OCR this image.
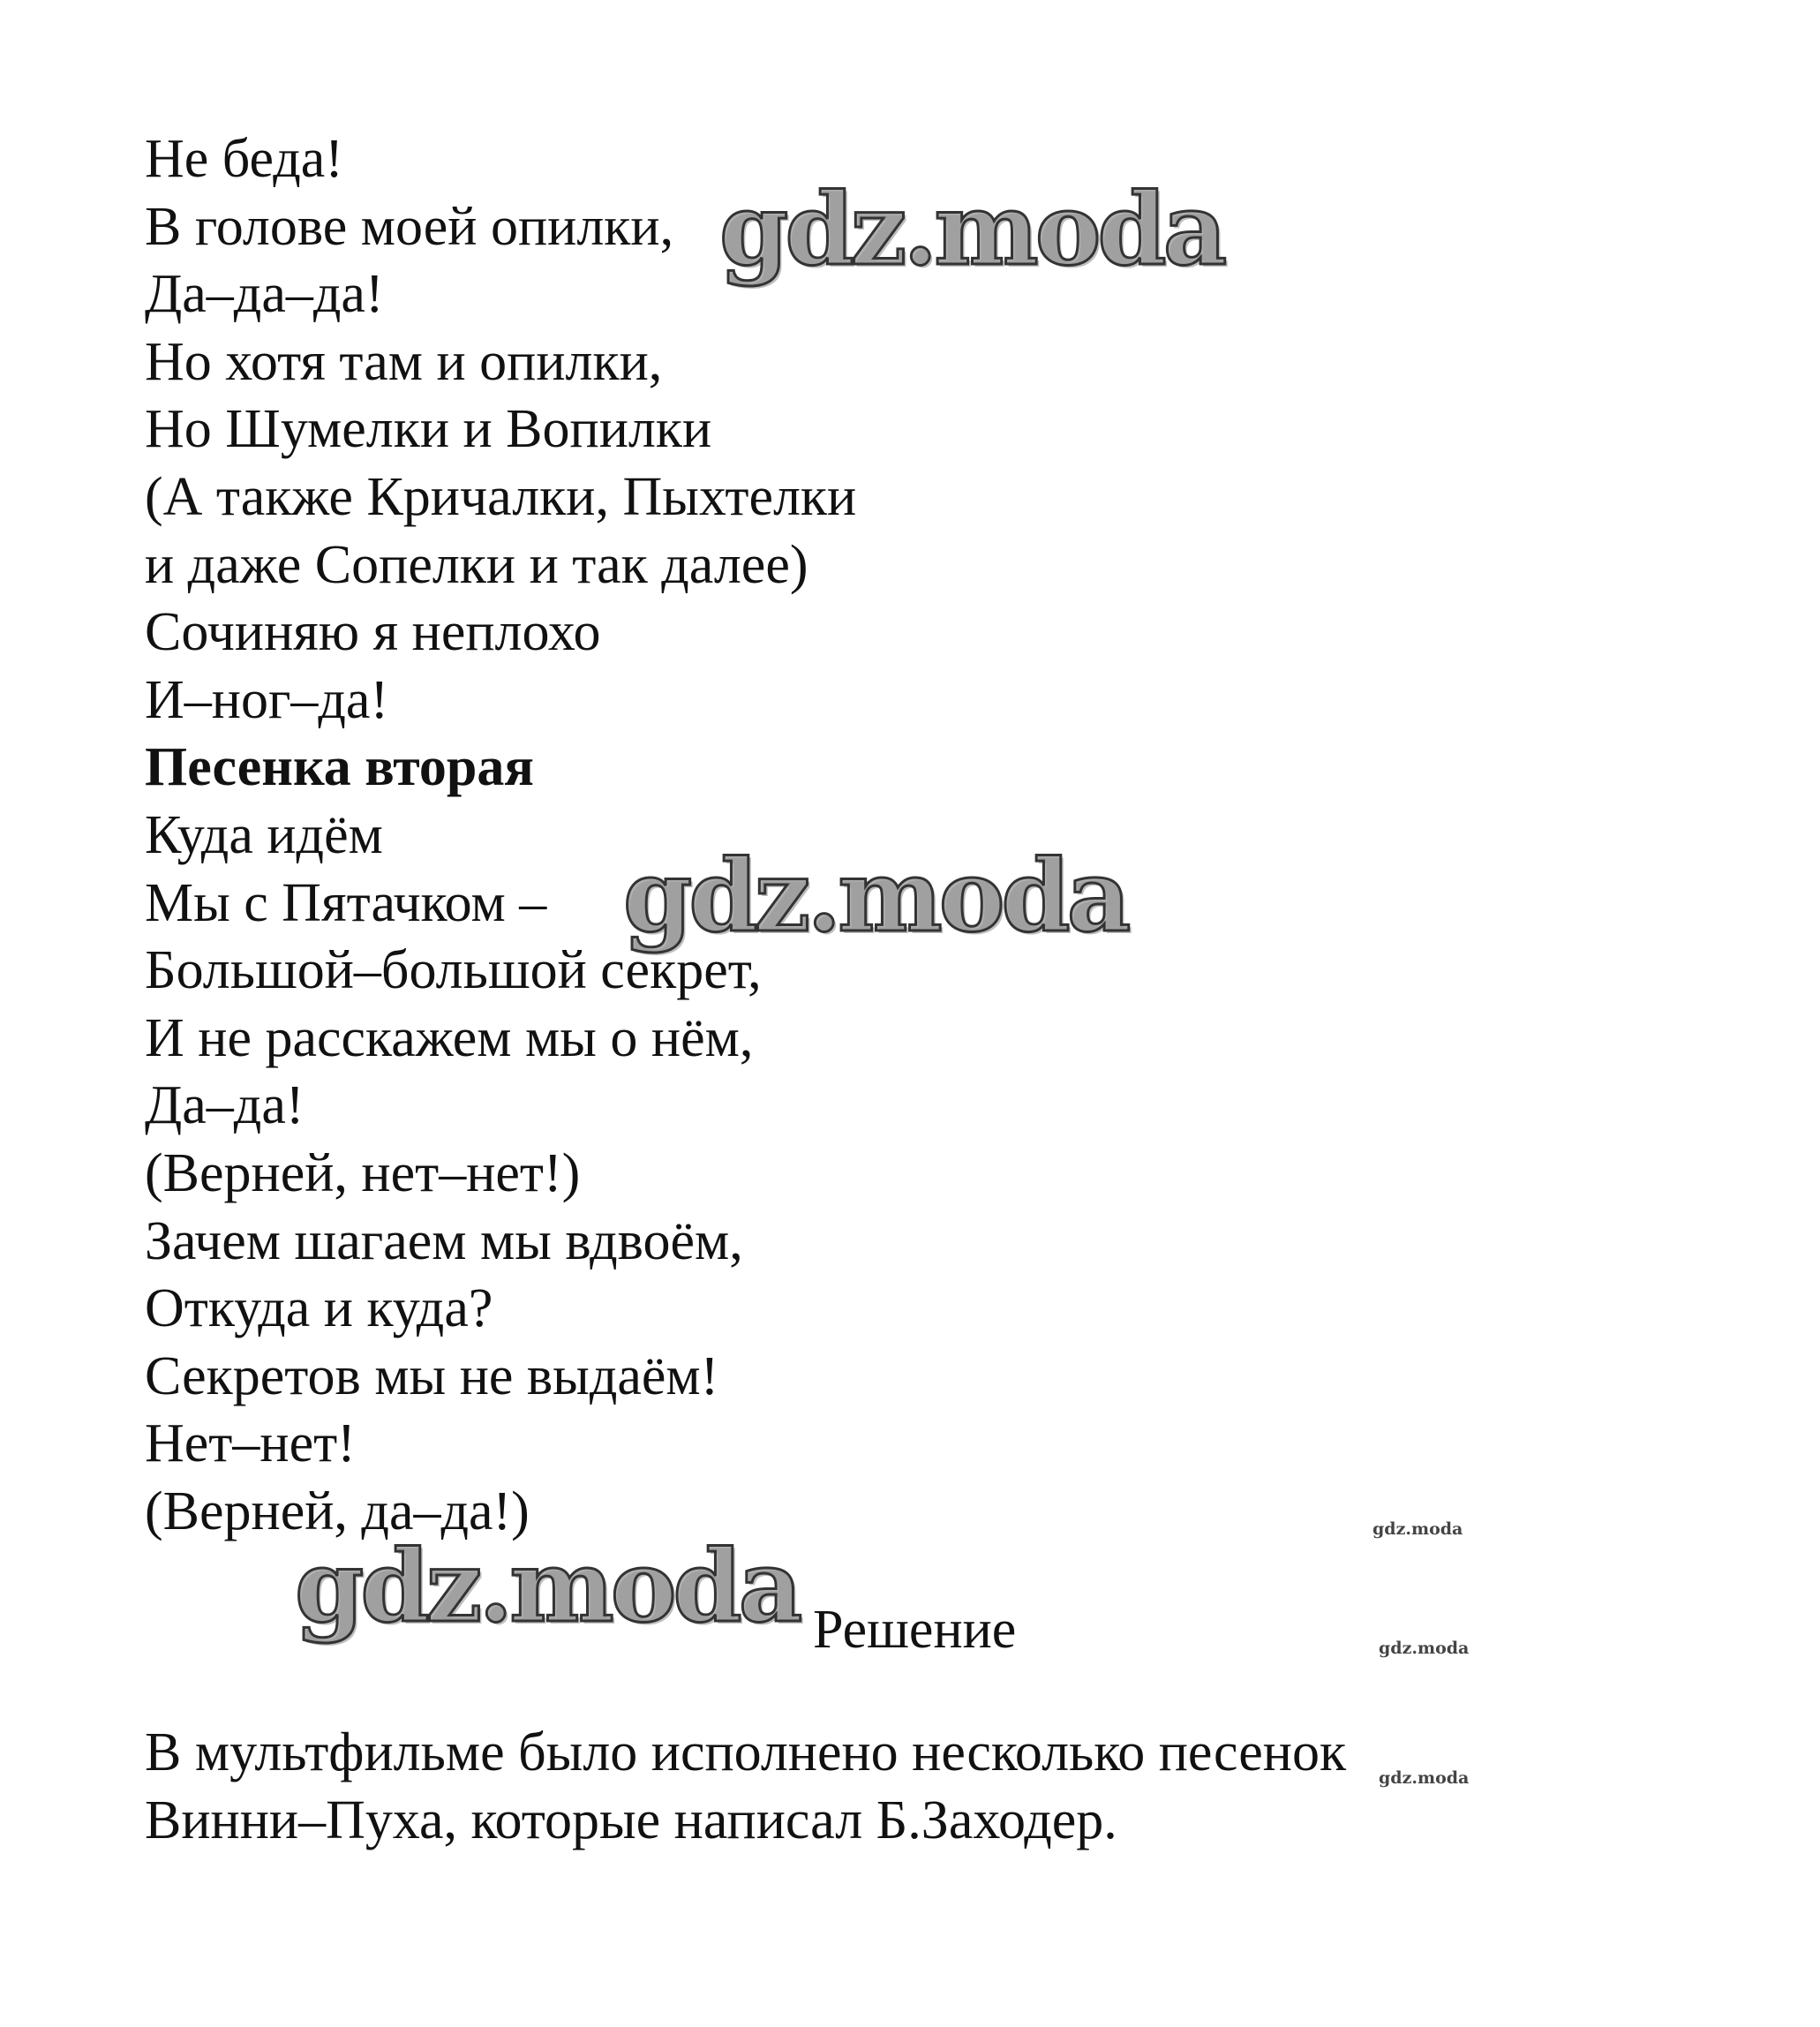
Не беда!
В голове моей опилки,
Да–да–да!
Но хотя там и опилки,
Но Шумелки и Вопилки
(А также Кричалки, Пыхтелки
и даже Сопелки и так далее)
Сочиняю я неплохо
И–ног–да!
Песенка вторая
Куда идём
Мы с Пятачком –
Большой–большой секрет,
И не расскажем мы о нём,
Да–да!
(Верней, нет–нет!)
Зачем шагаем мы вдвоём,
Откуда и куда?
Секретов мы не выдаём!
Нет–нет!
(Верней, да–да!)
gdz.moda
gdz.moda
gdz.moda	gdz.moda
gdz.moda
gdz.moda
Решение
В мультфильме было исполнено несколько песенок
Винни–Пуха, которые написал Б.Заходер.
